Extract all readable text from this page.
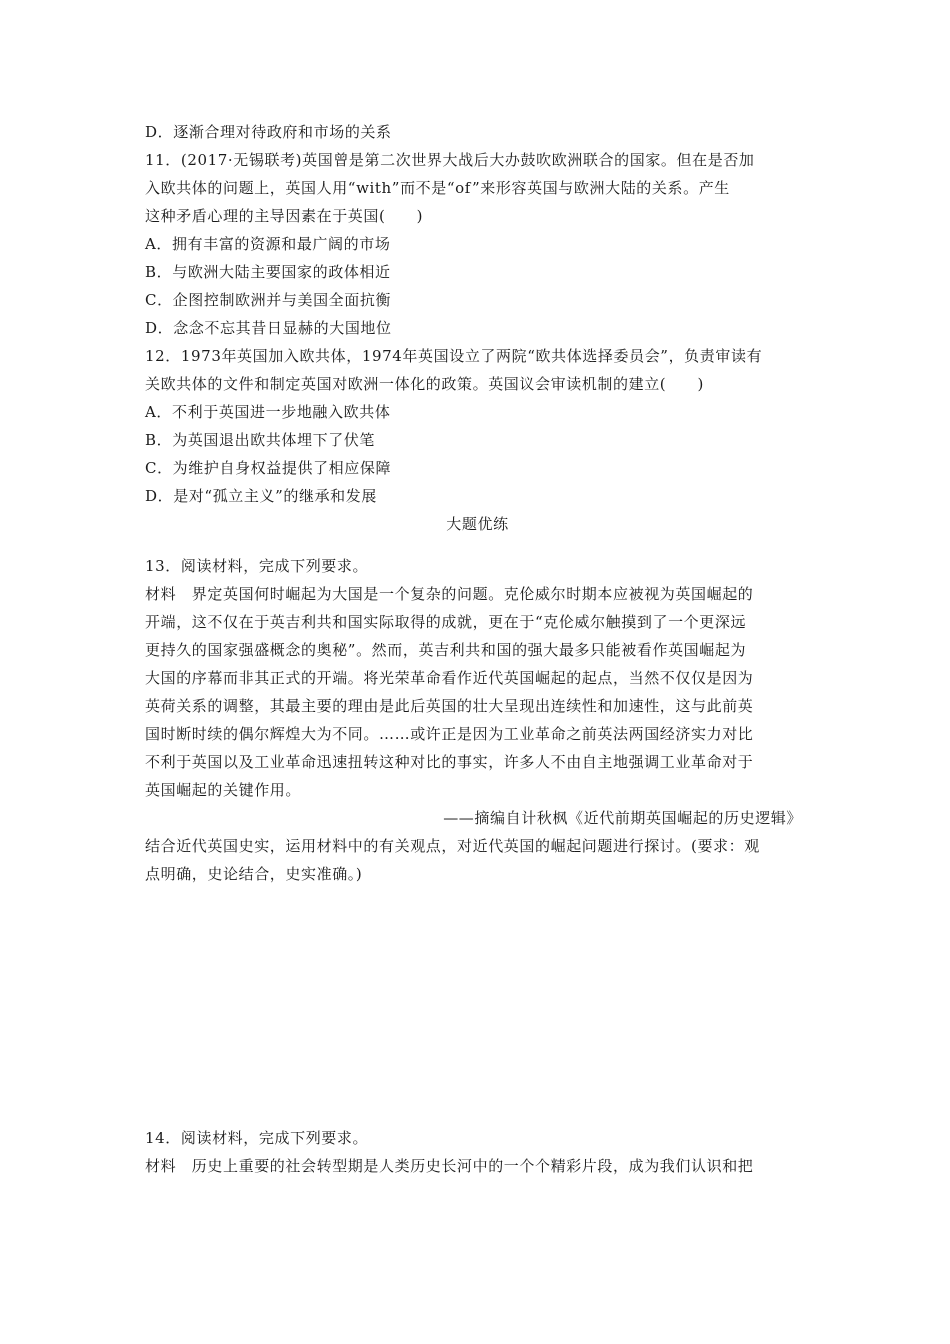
D．逐渐合理对待政府和市场的关系
11．(2017·无锡联考)英国曾是第二次世界大战后大办鼓吹欧洲联合的国家。但在是否加
入欧共体的问题上，英国人用“with”而不是“of”来形容英国与欧洲大陆的关系。产生
这种矛盾心理的主导因素在于英国(　　)
A．拥有丰富的资源和最广阔的市场
B．与欧洲大陆主要国家的政体相近
C．企图控制欧洲并与美国全面抗衡
D．念念不忘其昔日显赫的大国地位
12．1973年英国加入欧共体，1974年英国设立了两院“欧共体选择委员会”，负责审读有
关欧共体的文件和制定英国对欧洲一体化的政策。英国议会审读机制的建立(　　)
A．不利于英国进一步地融入欧共体
B．为英国退出欧共体埋下了伏笔
C．为维护自身权益提供了相应保障
D．是对“孤立主义”的继承和发展
大题优练
13．阅读材料，完成下列要求。
材料　界定英国何时崛起为大国是一个复杂的问题。克伦威尔时期本应被视为英国崛起的
开端，这不仅在于英吉利共和国实际取得的成就，更在于“克伦威尔触摸到了一个更深远
更持久的国家强盛概念的奥秘”。然而，英吉利共和国的强大最多只能被看作英国崛起为
大国的序幕而非其正式的开端。将光荣革命看作近代英国崛起的起点，当然不仅仅是因为
英荷关系的调整，其最主要的理由是此后英国的壮大呈现出连续性和加速性，这与此前英
国时断时续的偶尔辉煌大为不同。……或许正是因为工业革命之前英法两国经济实力对比
不利于英国以及工业革命迅速扭转这种对比的事实，许多人不由自主地强调工业革命对于
英国崛起的关键作用。
——摘编自计秋枫《近代前期英国崛起的历史逻辑》
结合近代英国史实，运用材料中的有关观点，对近代英国的崛起问题进行探讨。(要求：观
点明确，史论结合，史实准确。)
14．阅读材料，完成下列要求。
材料　历史上重要的社会转型期是人类历史长河中的一个个精彩片段，成为我们认识和把
